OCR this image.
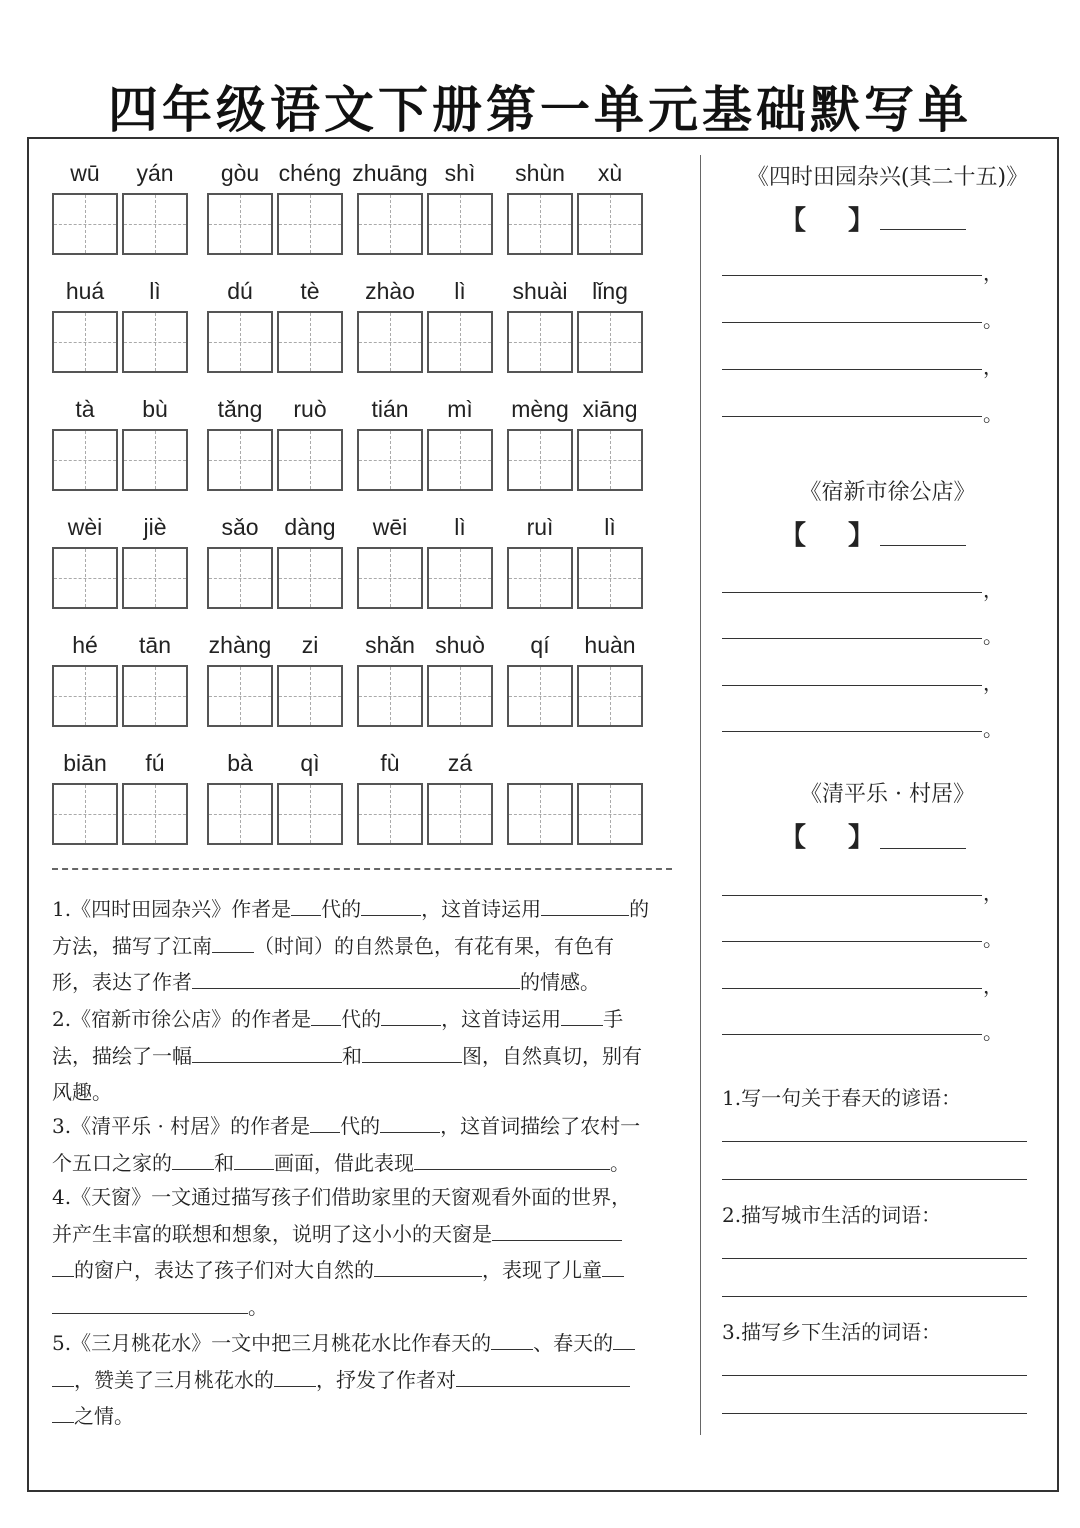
四年级语文下册第一单元基础默写单
wū yán gòu chéng zhuāng shì shùn xù
huá lì	dú tè zhào lì shuài lǐng
tà bù tǎng ruò tián mì mèng xiāng
wèi jiè sǎo dàng wēi lì	ruì lì
hé tān zhàng zi shǎn shuò qí huàn
biān fú	bà qì	fù zá
1.《四时田园杂兴》作者是 代的	，这首诗运用	的
方法，描写了江南 （时间）的自然景色，有花有果，有色有
形，表达了作者	的情感。
2.《宿新市徐公店》的作者是 代的	，这首诗运用 手
法，描绘了一幅	和	图，自然真切，别有
风趣。
3.《清平乐 · 村居》的作者是 代的	，这首词描绘了农村一
个五口之家的 和 画面，借此表现	。
4.《天窗》一文通过描写孩子们借助家里的天窗观看外面的世界，
并产生丰富的联想和想象，说明了这小小的天窗是
的窗户，表达了孩子们对大自然的	，表现了儿童
。
5.《三月桃花水》一文中把三月桃花水比作春天的 、春天的
，赞美了三月桃花水的 ，抒发了作者对
之情。
《四时田园杂兴(其二十五)》
【 】
，
。
，
。
《宿新市徐公店》
【 】
，
。
，
。
《清平乐 · 村居》
【 】
，
。
，
。
1.写一句关于春天的谚语：
2.描写城市生活的词语：
3.描写乡下生活的词语：
